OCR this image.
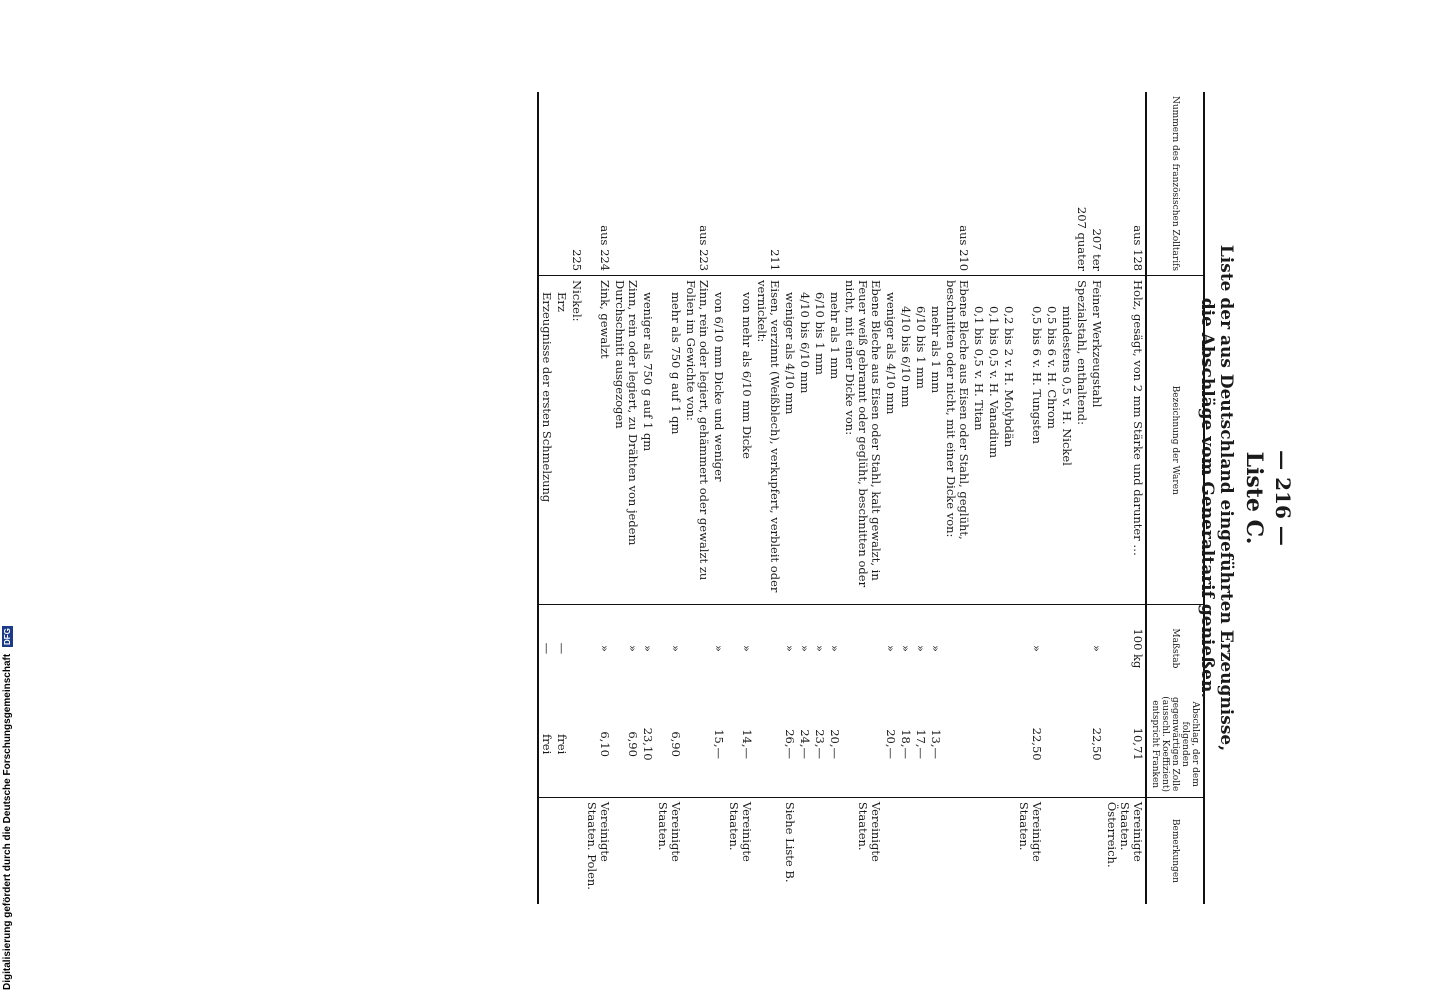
— 216 —
Liste C.
Liste der aus Deutschland eingeführten Erzeugnisse,
die Abschläge vom Generaltarif genießen.
Nummern des französischen Zolltarifs	Bezeichnung der Waren	Maßstab	Abschlag, der dem folgenden gegenwärtigen Zolle (ausschl. Koeffizient) entspricht Franken	Bemerkungen
aus 128	Holz, gesägt, von 2 mm Stärke und darunter …	100 kg	10,71	Vereinigte Staaten. Österreich.
207 ter	Feiner Werkzeugstahl	»	22,50	
207 quater	Spezialstahl, enthaltend:			
	mindestens 0,5 v. H. Nickel			
	0,5 bis 6 v. H. Chrom			
	0,5 bis 6 v. H. Tungsten	»	22,50	Vereinigte Staaten.
	0,2 bis 2 v. H. Molybdän			
	0,1 bis 0,5 v. H. Vanadium			
	0,1 bis 0,5 v. H. Titan			
aus 210	Ebene Bleche aus Eisen oder Stahl, geglüht, beschnitten oder nicht, mit einer Dicke von:			
	mehr als 1 mm	»	13,—	
	6/10 bis 1 mm	»	17,—	
	4/10 bis 6/10 mm	»	18,—	
	weniger als 4/10 mm	»	20,—	
	Ebene Bleche aus Eisen oder Stahl, kalt gewalzt, in Feuer weiß gebrannt oder geglüht, beschnitten oder nicht, mit einer Dicke von:			Vereinigte Staaten.
	mehr als 1 mm	»	20,—	
	6/10 bis 1 mm	»	23,—	
	4/10 bis 6/10 mm	»	24,—	
	weniger als 4/10 mm	»	26,—	Siehe Liste B.
211	Eisen, verzinnt (Weißblech), verkupfert, verbleit oder vernickelt:			
	von mehr als 6/10 mm Dicke	»	14,—	Vereinigte Staaten.
	von 6/10 mm Dicke und weniger	»	15,—	
aus 223	Zinn, rein oder legiert, gehämmert oder gewalzt zu Folien im Gewichte von:			
	mehr als 750 g auf 1 qm	»	6,90	Vereinigte Staaten.
	weniger als 750 g auf 1 qm	»	23,10	
	Zinn, rein oder legiert, zu Drähten von jedem Durchschnitt ausgezogen	»	6,90	
aus 224	Zink, gewalzt	»	6,10	Vereinigte Staaten. Polen.
225	Nickel:			
	Erz	—	frei	
	Erzeugnisse der ersten Schmelzung	—	frei	
Digitalisierung gefördert durch die Deutsche Forschungsgemeinschaft DFG
